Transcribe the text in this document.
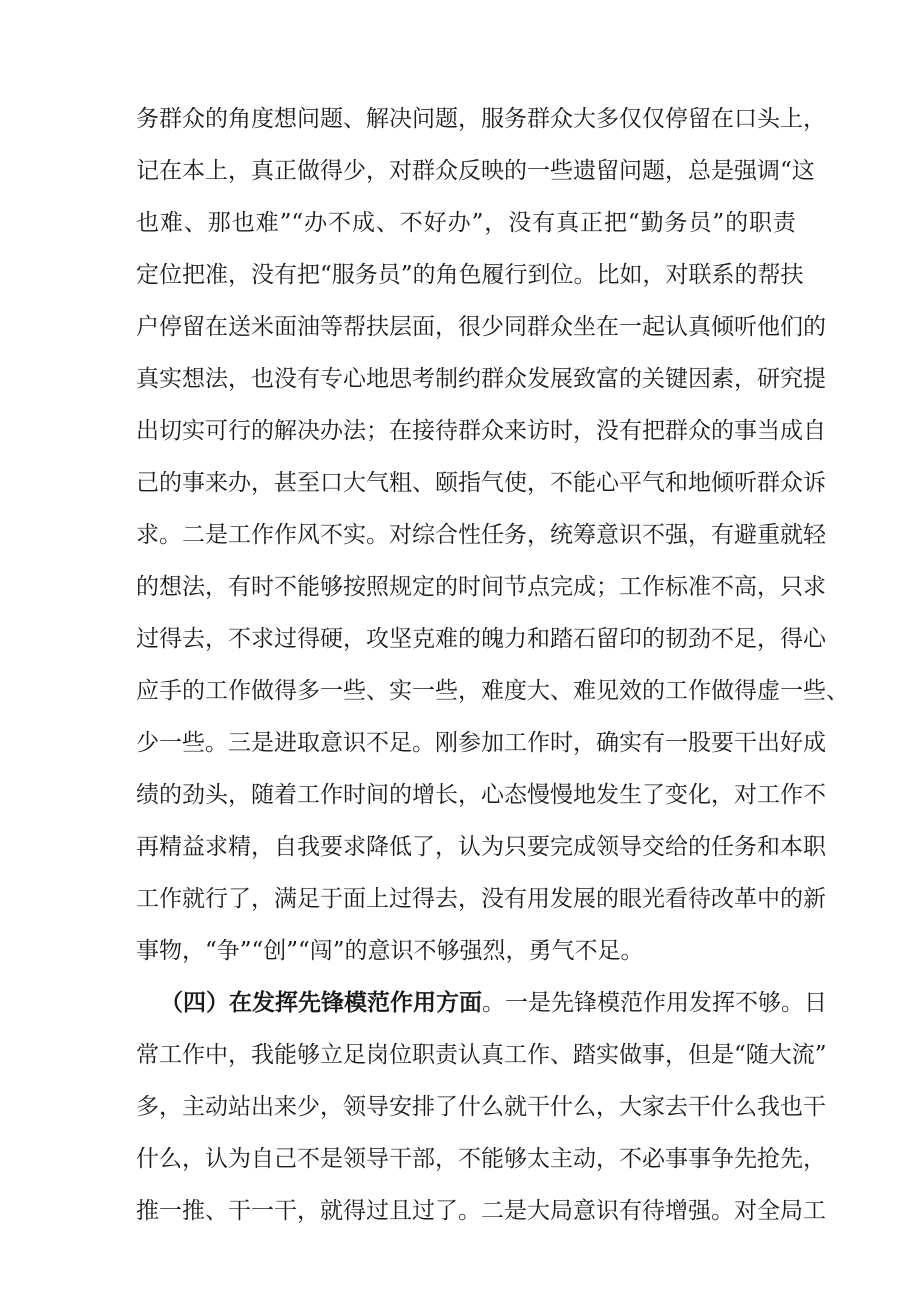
务群众的角度想问题、解决问题，服务群众大多仅仅停留在口头上，
记在本上，真正做得少，对群众反映的一些遗留问题，总是强调“这
也难、那也难”“办不成、不好办”，没有真正把“勤务员”的职责
定位把准，没有把“服务员”的角色履行到位。比如，对联系的帮扶
户停留在送米面油等帮扶层面，很少同群众坐在一起认真倾听他们的
真实想法，也没有专心地思考制约群众发展致富的关键因素，研究提
出切实可行的解决办法；在接待群众来访时，没有把群众的事当成自
己的事来办，甚至口大气粗、颐指气使，不能心平气和地倾听群众诉
求。二是工作作风不实。对综合性任务，统筹意识不强，有避重就轻
的想法，有时不能够按照规定的时间节点完成；工作标准不高，只求
过得去，不求过得硬，攻坚克难的魄力和踏石留印的韧劲不足，得心
应手的工作做得多一些、实一些，难度大、难见效的工作做得虚一些、
少一些。三是进取意识不足。刚参加工作时，确实有一股要干出好成
绩的劲头，随着工作时间的增长，心态慢慢地发生了变化，对工作不
再精益求精，自我要求降低了，认为只要完成领导交给的任务和本职
工作就行了，满足于面上过得去，没有用发展的眼光看待改革中的新
事物，“争”“创”“闯”的意识不够强烈，勇气不足。
（四）在发挥先锋模范作用方面。一是先锋模范作用发挥不够。日
常工作中，我能够立足岗位职责认真工作、踏实做事，但是“随大流”
多，主动站出来少，领导安排了什么就干什么，大家去干什么我也干
什么，认为自己不是领导干部，不能够太主动，不必事事争先抢先，
推一推、干一干，就得过且过了。二是大局意识有待增强。对全局工
